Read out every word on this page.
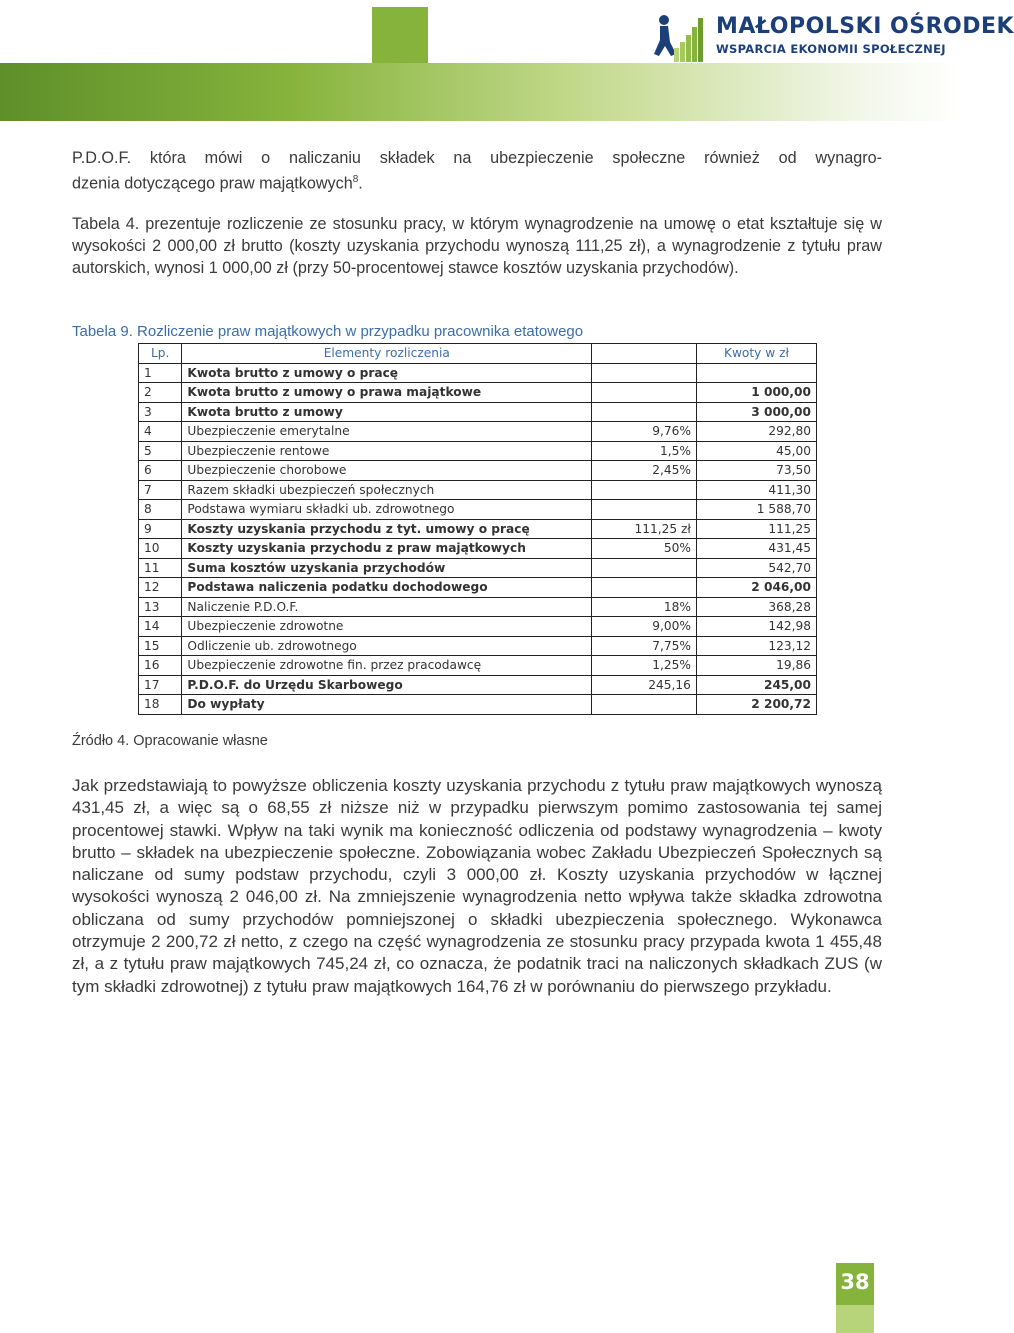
MAŁOPOLSKI OŚRODEK
WSPARCIA EKONOMII SPOŁECZNEJ

P.D.O.F. która mówi o naliczaniu składek na ubezpieczenie społeczne również od wynagro-

dzenia dotyczącego praw majątkowych$^8$.

Tabela 4. prezentuje rozliczenie ze stosunku pracy, w którym wynagrodzenie na umowę o etat kształtuje się w wysokości 2 000,00 zł brutto (koszty uzyskania przychodu wynoszą 111,25 zł), a wynagrodzenie z tytułu praw autorskich, wynosi 1 000,00 zł (przy 50-procentowej stawce kosztów uzyskania przychodów).

Tabela 9. Rozliczenie praw majątkowych w przypadku pracownika etatowego
Lp.	Elementy rozliczenia		Kwoty w zł
1	Kwota brutto z umowy o pracę		
2	Kwota brutto z umowy o prawa majątkowe		1 000,00
3	Kwota brutto z umowy		3 000,00
4	Ubezpieczenie emerytalne	9,76%	292,80
5	Ubezpieczenie rentowe	1,5%	45,00
6	Ubezpieczenie chorobowe	2,45%	73,50
7	Razem składki ubezpieczeń społecznych		411,30
8	Podstawa wymiaru składki ub. zdrowotnego		1 588,70
9	Koszty uzyskania przychodu z tyt. umowy o pracę	111,25 zł	111,25
10	Koszty uzyskania przychodu z praw majątkowych	50%	431,45
11	Suma kosztów uzyskania przychodów		542,70
12	Podstawa naliczenia podatku dochodowego		2 046,00
13	Naliczenie P.D.O.F.	18%	368,28
14	Ubezpieczenie zdrowotne	9,00%	142,98
15	Odliczenie ub. zdrowotnego	7,75%	123,12
16	Ubezpieczenie zdrowotne fin. przez pracodawcę	1,25%	19,86
17	P.D.O.F. do Urzędu Skarbowego	245,16	245,00
18	Do wypłaty		2 200,72
Źródło 4. Opracowanie własne

Jak przedstawiają to powyższe obliczenia koszty uzyskania przychodu z tytułu praw majątkowych wynoszą 431,45 zł, a więc są o 68,55 zł niższe niż w przypadku pierwszym pomimo zastosowania tej samej procentowej stawki. Wpływ na taki wynik ma konieczność odliczenia od podstawy wynagrodzenia – kwoty brutto – składek na ubezpieczenie społeczne. Zobowiązania wobec Zakładu Ubezpieczeń Społecznych są naliczane od sumy podstaw przychodu, czyli 3 000,00 zł. Koszty uzyskania przychodów w łącznej wysokości wynoszą 2 046,00 zł. Na zmniejszenie wynagrodzenia netto wpływa także składka zdrowotna obliczana od sumy przychodów pomniejszonej o składki ubezpieczenia społecznego. Wykonawca otrzymuje 2 200,72 zł netto, z czego na część wynagrodzenia ze stosunku pracy przypada kwota 1 455,48 zł, a z tytułu praw majątkowych 745,24 zł, co oznacza, że podatnik traci na naliczonych składkach ZUS (w tym składki zdrowotnej) z tytułu praw majątkowych 164,76 zł w porównaniu do pierwszego przykładu.

38
